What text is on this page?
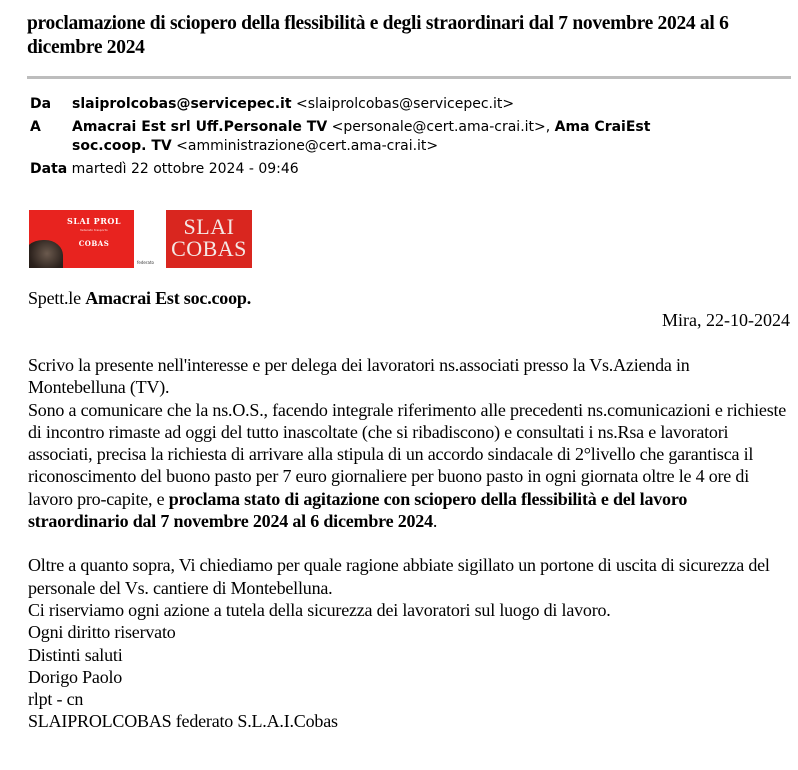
proclamazione di sciopero della flessibilità e degli straordinari dal 7 novembre 2024 al 6 dicembre 2024
Da slaiprolcobas@servicepec.it <slaiprolcobas@servicepec.it>
A Amacrai Est srl Uff.Personale TV <personale@cert.ama-crai.it>, Ama CraiEst
soc.coop. TV <amministrazione@cert.ama-crai.it>
Data martedì 22 ottobre 2024 - 09:46
SLAI PROL
federato trasporto
COBAS
federato
SLAI
COBAS
Spett.le Amacrai Est soc.coop.
Mira, 22-10-2024
Scrivo la presente nell'interesse e per delega dei lavoratori ns.associati presso la Vs.Azienda in Montebelluna (TV).
Sono a comunicare che la ns.O.S., facendo integrale riferimento alle precedenti ns.comunicazioni e richieste di incontro rimaste ad oggi del tutto inascoltate (che si ribadiscono) e consultati i ns.Rsa e lavoratori associati, precisa la richiesta di arrivare alla stipula di un accordo sindacale di 2°livello che garantisca il riconoscimento del buono pasto per 7 euro giornaliere per buono pasto in ogni giornata oltre le 4 ore di lavoro pro-capite, e proclama stato di agitazione con sciopero della flessibilità e del lavoro straordinario dal 7 novembre 2024 al 6 dicembre 2024.
Oltre a quanto sopra, Vi chiediamo per quale ragione abbiate sigillato un portone di uscita di sicurezza del personale del Vs. cantiere di Montebelluna.
Ci riserviamo ogni azione a tutela della sicurezza dei lavoratori sul luogo di lavoro.
Ogni diritto riservato
Distinti saluti
Dorigo Paolo
rlpt - cn
SLAIPROLCOBAS federato S.L.A.I.Cobas
